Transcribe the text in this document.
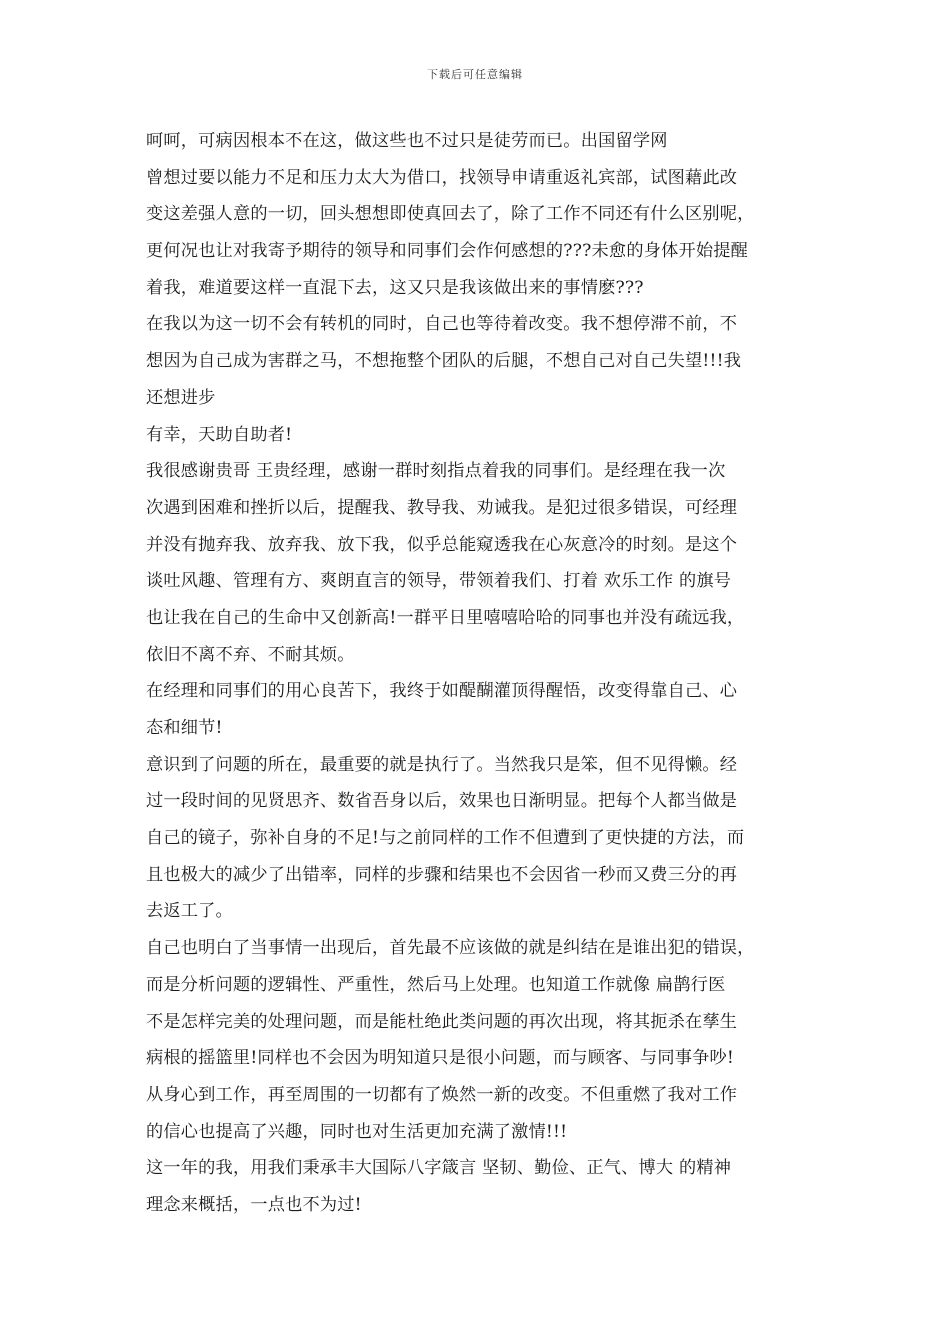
下载后可任意编辑
呵呵，可病因根本不在这，做这些也不过只是徒劳而已。出国留学网
曾想过要以能力不足和压力太大为借口，找领导申请重返礼宾部，试图藉此改
变这差强人意的一切，回头想想即使真回去了，除了工作不同还有什么区别呢，
更何况也让对我寄予期待的领导和同事们会作何感想的???未愈的身体开始提醒
着我，难道要这样一直混下去，这又只是我该做出来的事情麽???
在我以为这一切不会有转机的同时，自己也等待着改变。我不想停滞不前，不
想因为自己成为害群之马，不想拖整个团队的后腿，不想自己对自己失望!!!我
还想进步
有幸，天助自助者!
我很感谢贵哥 王贵经理，感谢一群时刻指点着我的同事们。是经理在我一次
次遇到困难和挫折以后，提醒我、教导我、劝诫我。是犯过很多错误，可经理
并没有抛弃我、放弃我、放下我，似乎总能窥透我在心灰意冷的时刻。是这个
谈吐风趣、管理有方、爽朗直言的领导，带领着我们、打着 欢乐工作 的旗号
也让我在自己的生命中又创新高!一群平日里嘻嘻哈哈的同事也并没有疏远我，
依旧不离不弃、不耐其烦。
在经理和同事们的用心良苦下，我终于如醍醐灌顶得醒悟，改变得靠自己、心
态和细节!
意识到了问题的所在，最重要的就是执行了。当然我只是笨，但不见得懒。经
过一段时间的见贤思齐、数省吾身以后，效果也日渐明显。把每个人都当做是
自己的镜子，弥补自身的不足!与之前同样的工作不但遭到了更快捷的方法，而
且也极大的减少了出错率，同样的步骤和结果也不会因省一秒而又费三分的再
去返工了。
自己也明白了当事情一出现后，首先最不应该做的就是纠结在是谁出犯的错误，
而是分析问题的逻辑性、严重性，然后马上处理。也知道工作就像 扁鹊行医
不是怎样完美的处理问题，而是能杜绝此类问题的再次出现，将其扼杀在孳生
病根的摇篮里!同样也不会因为明知道只是很小问题，而与顾客、与同事争吵!
从身心到工作，再至周围的一切都有了焕然一新的改变。不但重燃了我对工作
的信心也提高了兴趣，同时也对生活更加充满了激情!!!
这一年的我，用我们秉承丰大国际八字箴言 坚韧、勤俭、正气、博大 的精神
理念来概括，一点也不为过!
